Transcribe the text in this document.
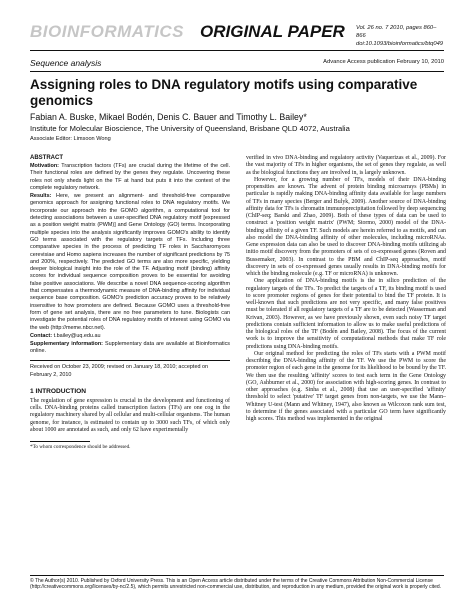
BIOINFORMATICS ORIGINAL PAPER Vol. 26 no. 7 2010, pages 860–866
doi:10.1093/bioinformatics/btq049
Sequence analysis	Advance Access publication February 10, 2010
Assigning roles to DNA regulatory motifs using comparative genomics
Fabian A. Buske, Mikael Bodén, Denis C. Bauer and Timothy L. Bailey*
Institute for Molecular Bioscience, The University of Queensland, Brisbane QLD 4072, Australia
Associate Editor: Limsoon Wong
ABSTRACT
Motivation: Transcription factors (TFs) are crucial during the lifetime of the cell. Their functional roles are defined by the genes they regulate. Uncovering these roles not only sheds light on the TF at hand but puts it into the context of the complete regulatory network.
Results: Here, we present an alignment- and threshold-free comparative genomics approach for assigning functional roles to DNA regulatory motifs. We incorporate our approach into the GOMO algorithm, a computational tool for detecting associations between a user-specified DNA regulatory motif [expressed as a position weight matrix (PWM)] and Gene Ontology (GO) terms. Incorporating multiple species into the analysis significantly improves GOMO's ability to identify GO terms associated with the regulatory targets of TFs. Including three comparative species in the process of predicting TF roles in Saccharomyces cerevisiae and Homo sapiens increases the number of significant predictions by 75 and 200%, respectively. The predicted GO terms are also more specific, yielding deeper biological insight into the role of the TF. Adjusting motif (binding) affinity scores for individual sequence composition proves to be essential for avoiding false positive associations. We describe a novel DNA sequence-scoring algorithm that compensates a thermodynamic measure of DNA-binding affinity for individual sequence base composition. GOMO's prediction accuracy proves to be relatively insensitive to how promoters are defined. Because GOMO uses a threshold-free form of gene set analysis, there are no free parameters to tune. Biologists can investigate the potential roles of DNA regulatory motifs of interest using GOMO via the web (http://meme.nbcr.net).
Contact: t.bailey@uq.edu.au
Supplementary information: Supplementary data are available at Bioinformatics online.
Received on October 23, 2009; revised on January 18, 2010; accepted on February 2, 2010
1 INTRODUCTION

The regulation of gene expression is crucial in the development and functioning of cells. DNA-binding proteins called transcription factors (TFs) are one cog in the regulatory machinery shared by all cellular and multi-cellular organisms. The human genome, for instance, is estimated to contain up to 3000 such TFs, of which only about 1000 are annotated as such, and only 62 have experimentally

*To whom correspondence should be addressed.

verified in vivo DNA-binding and regulatory activity (Vaquerizas et al., 2009). For the vast majority of TFs in higher organisms, the set of genes they regulate, as well as the biological functions they are involved in, is largely unknown.

However, for a growing number of TFs, models of their DNA-binding propensities are known. The advent of protein binding microarrays (PBMs) in particular is rapidly making DNA-binding affinity data available for large numbers of TFs in many species (Berger and Bulyk, 2009). Another source of DNA-binding affinity data for TFs is chromatin immunoprecipitation followed by deep sequencing (ChIP-seq; Barski and Zhao, 2009). Both of these types of data can be used to construct a 'position weight matrix' (PWM; Stormo, 2000) model of the DNA-binding affinity of a given TF. Such models are herein referred to as motifs, and can also model the DNA-binding affinity of other molecules, including microRNAs. Gene expression data can also be used to discover DNA-binding motifs utilizing ab initio motif discovery from the promoters of sets of co-expressed genes (Roven and Bussemaker, 2003). In contrast to the PBM and ChIP-seq approaches, motif discovery in sets of co-expressed genes usually results in DNA-binding motifs for which the binding molecule (e.g. TF or microRNA) is unknown.

One application of DNA-binding motifs is the in silico prediction of the regulatory targets of the TFs. To predict the targets of a TF, its binding motif is used to score promoter regions of genes for their potential to bind the TF protein. It is well-known that such predictions are not very specific, and many false positives must be tolerated if all regulatory targets of a TF are to be detected (Wasserman and Krivan, 2003). However, as we have previously shown, even such noisy TF target predictions contain sufficient information to allow us to make useful predictions of the biological roles of the TF (Bodén and Bailey, 2008). The focus of the current work is to improve the sensitivity of computational methods that make TF role predictions using DNA-binding motifs.

Our original method for predicting the roles of TFs starts with a PWM motif describing the DNA-binding affinity of the TF. We use the PWM to score the promoter region of each gene in the genome for its likelihood to be bound by the TF. We then use the resulting 'affinity' scores to test each term in the Gene Ontology (GO, Ashburner et al., 2000) for association with high-scoring genes. In contrast to other approaches (e.g. Sinha et al., 2008) that use an user-specified 'affinity' threshold to select 'putative' TF target genes from non-targets, we use the Mann–Whitney U-test (Mann and Whitney, 1947), also known as Wilcoxon rank sum test, to determine if the genes associated with a particular GO term have significantly high scores. This method was implemented in the original

© The Author(s) 2010. Published by Oxford University Press. This is an Open Access article distributed under the terms of the Creative Commons Attribution Non-Commercial License (http://creativecommons.org/licenses/by-nc/2.5), which permits unrestricted non-commercial use, distribution, and reproduction in any medium, provided the original work is properly cited.
